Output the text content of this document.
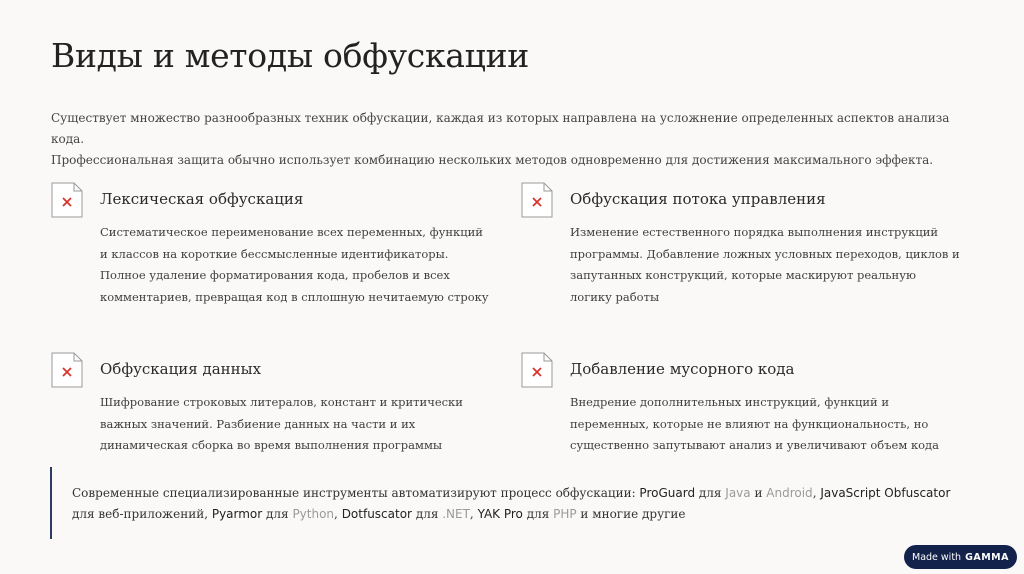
Виды и методы обфускации

Существует множество разнообразных техник обфускации, каждая из которых направлена на усложнение определенных аспектов анализа кода.

Профессиональная защита обычно использует комбинацию нескольких методов одновременно для достижения максимального эффекта.

Лексическая обфускация
Систематическое переименование всех переменных, функций и классов на короткие бессмысленные идентификаторы. Полное удаление форматирования кода, пробелов и всех комментариев, превращая код в сплошную нечитаемую строку
Обфускация потока управления
Изменение естественного порядка выполнения инструкций программы. Добавление ложных условных переходов, циклов и запутанных конструкций, которые маскируют реальную логику работы
Обфускация данных
Шифрование строковых литералов, констант и критически важных значений. Разбиение данных на части и их динамическая сборка во время выполнения программы
Добавление мусорного кода
Внедрение дополнительных инструкций, функций и переменных, которые не влияют на функциональность, но существенно запутывают анализ и увеличивают объем кода
Современные специализированные инструменты автоматизируют процесс обфускации: ProGuard для Java и Android, JavaScript Obfuscator для веб-приложений, Pyarmor для Python, Dotfuscator для .NET, YAK Pro для PHP и многие другие
Made with GAMMA
